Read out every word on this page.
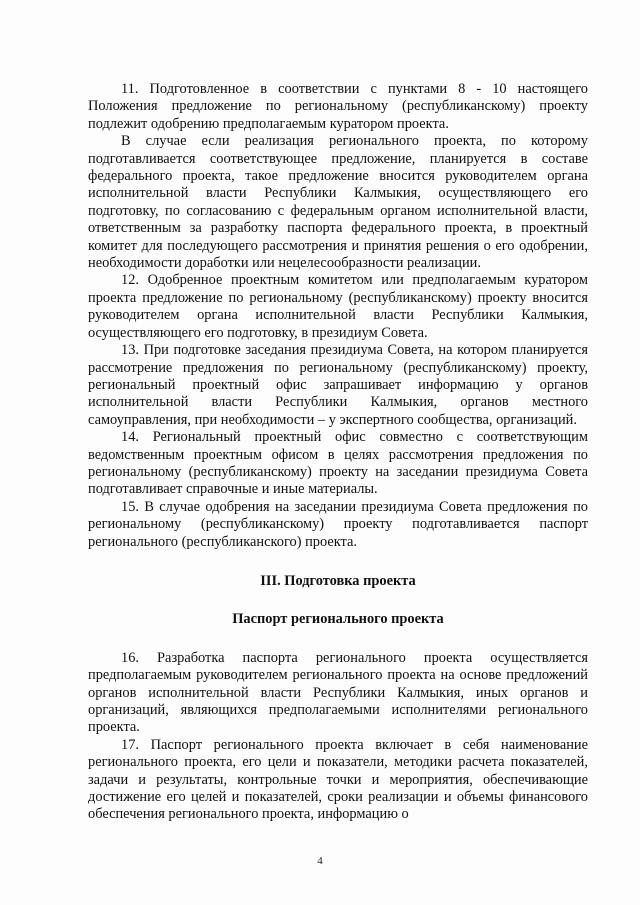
11. Подготовленное в соответствии с пунктами 8 - 10 настоящего Положения предложение по региональному (республиканскому) проекту подлежит одобрению предполагаемым куратором проекта.

В случае если реализация регионального проекта, по которому подготавливается соответствующее предложение, планируется в составе федерального проекта, такое предложение вносится руководителем органа исполнительной власти Республики Калмыкия, осуществляющего его подготовку, по согласованию с федеральным органом исполнительной власти, ответственным за разработку паспорта федерального проекта, в проектный комитет для последующего рассмотрения и принятия решения о его одобрении, необходимости доработки или нецелесообразности реализации.

12. Одобренное проектным комитетом или предполагаемым куратором проекта предложение по региональному (республиканскому) проекту вносится руководителем органа исполнительной власти Республики Калмыкия, осуществляющего его подготовку, в президиум Совета.

13. При подготовке заседания президиума Совета, на котором планируется рассмотрение предложения по региональному (республиканскому) проекту, региональный проектный офис запрашивает информацию у органов исполнительной власти Республики Калмыкия, органов местного самоуправления, при необходимости – у экспертного сообщества, организаций.

14. Региональный проектный офис совместно с соответствующим ведомственным проектным офисом в целях рассмотрения предложения по региональному (республиканскому) проекту на заседании президиума Совета подготавливает справочные и иные материалы.

15. В случае одобрения на заседании президиума Совета предложения по региональному (республиканскому) проекту подготавливается паспорт регионального (республиканского) проекта.

III. Подготовка проекта
Паспорт регионального проекта

16. Разработка паспорта регионального проекта осуществляется предполагаемым руководителем регионального проекта на основе предложений органов исполнительной власти Республики Калмыкия, иных органов и организаций, являющихся предполагаемыми исполнителями регионального проекта.

17. Паспорт регионального проекта включает в себя наименование регионального проекта, его цели и показатели, методики расчета показателей, задачи и результаты, контрольные точки и мероприятия, обеспечивающие достижение его целей и показателей, сроки реализации и объемы финансового обеспечения регионального проекта, информацию о

4
